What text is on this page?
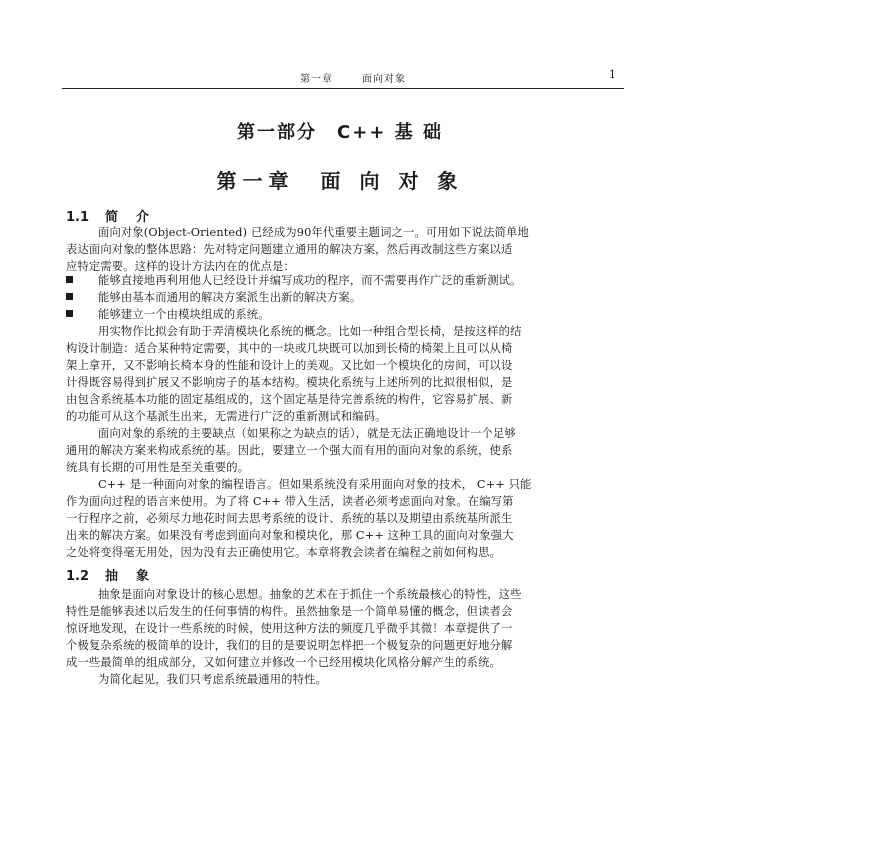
第一章	面向对象	1
第一部分　C++ 基 础
第一章　面 向 对 象
1.1 简介
面向对象(Object-Oriented) 已经成为90年代重要主题词之一。可用如下说法简单地
表达面向对象的整体思路：先对特定问题建立通用的解决方案，然后再改制这些方案以适
应特定需要。这样的设计方法内在的优点是：
能够直接地再利用他人已经设计并编写成功的程序，而不需要再作广泛的重新测试。
能够由基本而通用的解决方案派生出新的解决方案。
能够建立一个由模块组成的系统。
用实物作比拟会有助于弄清模块化系统的概念。比如一种组合型长椅，是按这样的结
构设计制造：适合某种特定需要，其中的一块或几块既可以加到长椅的椅架上且可以从椅
架上拿开，又不影响长椅本身的性能和设计上的美观。又比如一个模块化的房间，可以设
计得既容易得到扩展又不影响房子的基本结构。模块化系统与上述所列的比拟很相似，是
由包含系统基本功能的固定基组成的，这个固定基是待完善系统的构件，它容易扩展、新
的功能可从这个基派生出来，无需进行广泛的重新测试和编码。
面向对象的系统的主要缺点（如果称之为缺点的话），就是无法正确地设计一个足够
通用的解决方案来构成系统的基。因此，要建立一个强大而有用的面向对象的系统，使系
统具有长期的可用性是至关重要的。
C++ 是一种面向对象的编程语言。但如果系统没有采用面向对象的技术， C++ 只能
作为面向过程的语言来使用。为了将 C++ 带入生活，读者必须考虑面向对象。在编写第
一行程序之前，必须尽力地花时间去思考系统的设计、系统的基以及期望由系统基所派生
出来的解决方案。如果没有考虑到面向对象和模块化，那 C++ 这种工具的面向对象强大
之处将变得毫无用处，因为没有去正确使用它。本章将教会读者在编程之前如何构思。
1.2 抽象
抽象是面向对象设计的核心思想。抽象的艺术在于抓住一个系统最核心的特性，这些
特性是能够表述以后发生的任何事情的构件。虽然抽象是一个简单易懂的概念，但读者会
惊讶地发现，在设计一些系统的时候，使用这种方法的频度几乎微乎其微！本章提供了一
个极复杂系统的极简单的设计，我们的目的是要说明怎样把一个极复杂的问题更好地分解
成一些最简单的组成部分，又如何建立并修改一个已经用模块化风格分解产生的系统。
为简化起见，我们只考虑系统最通用的特性。
